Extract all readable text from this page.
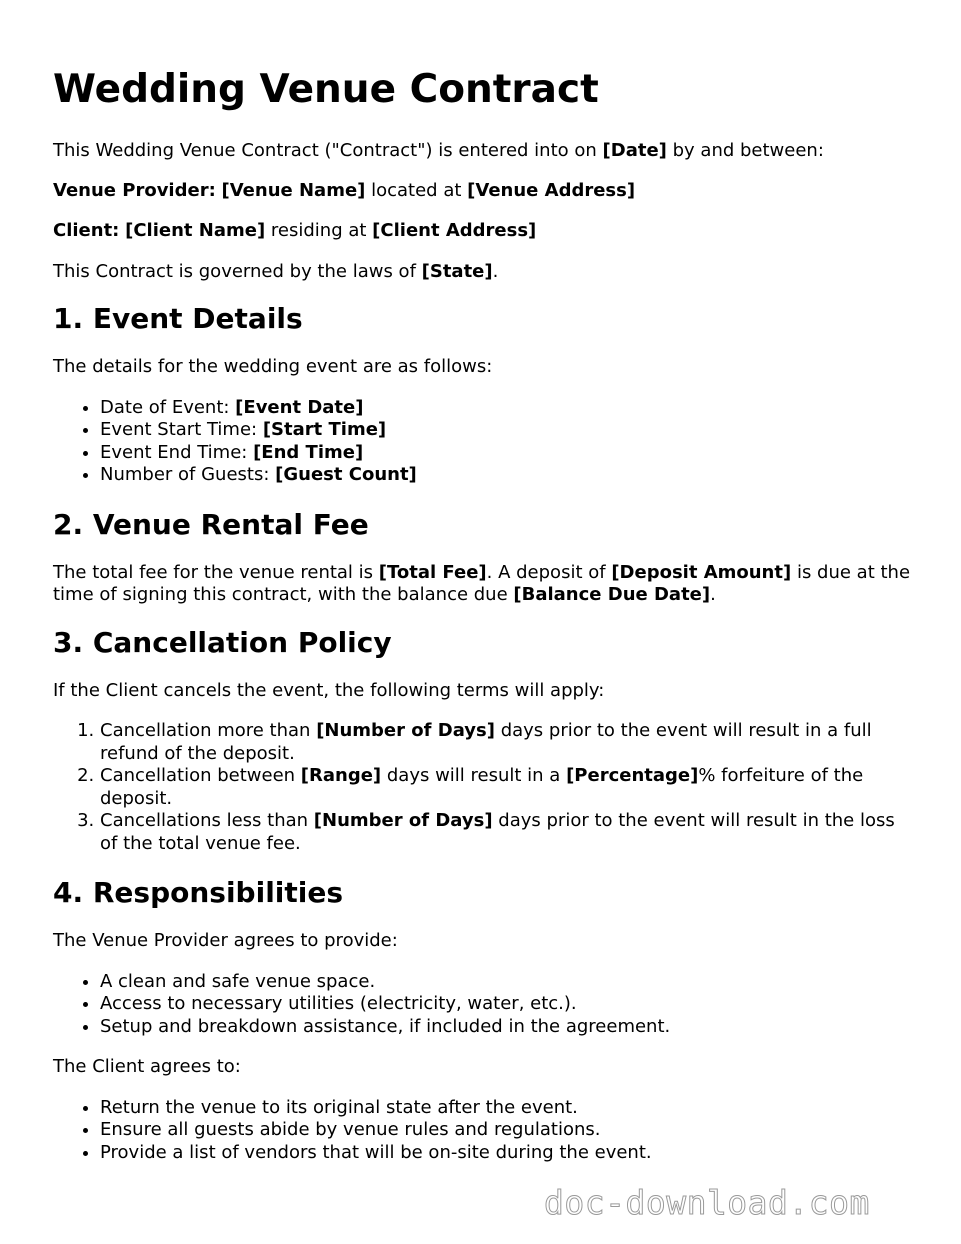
Wedding Venue Contract

This Wedding Venue Contract ("Contract") is entered into on [Date] by and between:

Venue Provider: [Venue Name] located at [Venue Address]

Client: [Client Name] residing at [Client Address]

This Contract is governed by the laws of [State].

1. Event Details

The details for the wedding event are as follows:

• Date of Event: [Event Date]
• Event Start Time: [Start Time]
• Event End Time: [End Time]
• Number of Guests: [Guest Count]
2. Venue Rental Fee

The total fee for the venue rental is [Total Fee]. A deposit of [Deposit Amount] is due at the time of signing this contract, with the balance due [Balance Due Date].

3. Cancellation Policy

If the Client cancels the event, the following terms will apply:

1. Cancellation more than [Number of Days] days prior to the event will result in a full refund of the deposit.
2. Cancellation between [Range] days will result in a [Percentage]% forfeiture of the deposit.
3. Cancellations less than [Number of Days] days prior to the event will result in the loss of the total venue fee.
4. Responsibilities

The Venue Provider agrees to provide:

• A clean and safe venue space.
• Access to necessary utilities (electricity, water, etc.).
• Setup and breakdown assistance, if included in the agreement.

The Client agrees to:

• Return the venue to its original state after the event.
• Ensure all guests abide by venue rules and regulations.
• Provide a list of vendors that will be on-site during the event.
doc-download.com
